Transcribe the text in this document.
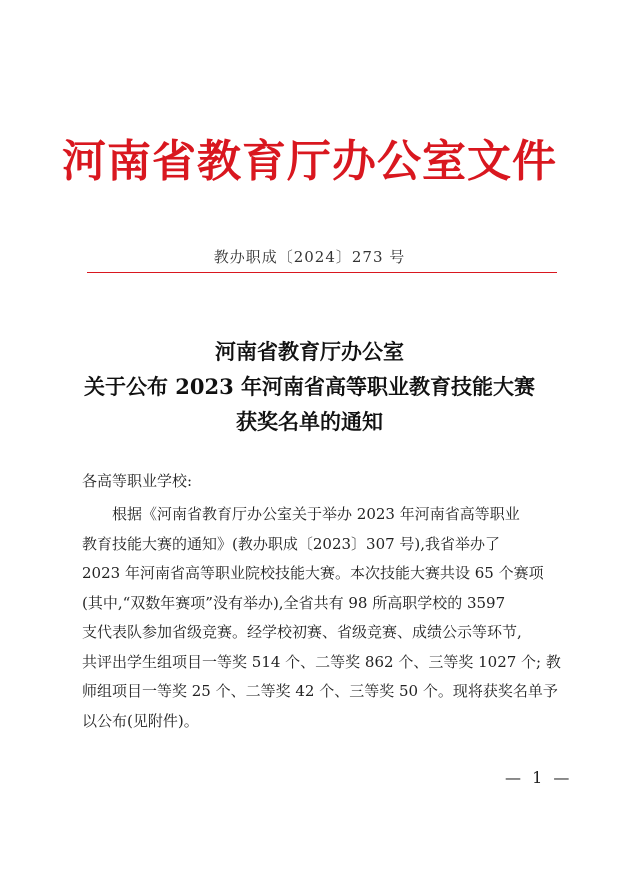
河南省教育厅办公室文件
教办职成〔2024〕273 号
河南省教育厅办公室
关于公布 2023 年河南省高等职业教育技能大赛
获奖名单的通知
各高等职业学校:
　　根据《河南省教育厅办公室关于举办 2023 年河南省高等职业
教育技能大赛的通知》(教办职成〔2023〕307 号),我省举办了
2023 年河南省高等职业院校技能大赛。本次技能大赛共设 65 个赛项
(其中,“双数年赛项”没有举办),全省共有 98 所高职学校的 3597
支代表队参加省级竞赛。经学校初赛、省级竞赛、成绩公示等环节,
共评出学生组项目一等奖 514 个、二等奖 862 个、三等奖 1027 个; 教
师组项目一等奖 25 个、二等奖 42 个、三等奖 50 个。现将获奖名单予
以公布(见附件)。
— 1 —
